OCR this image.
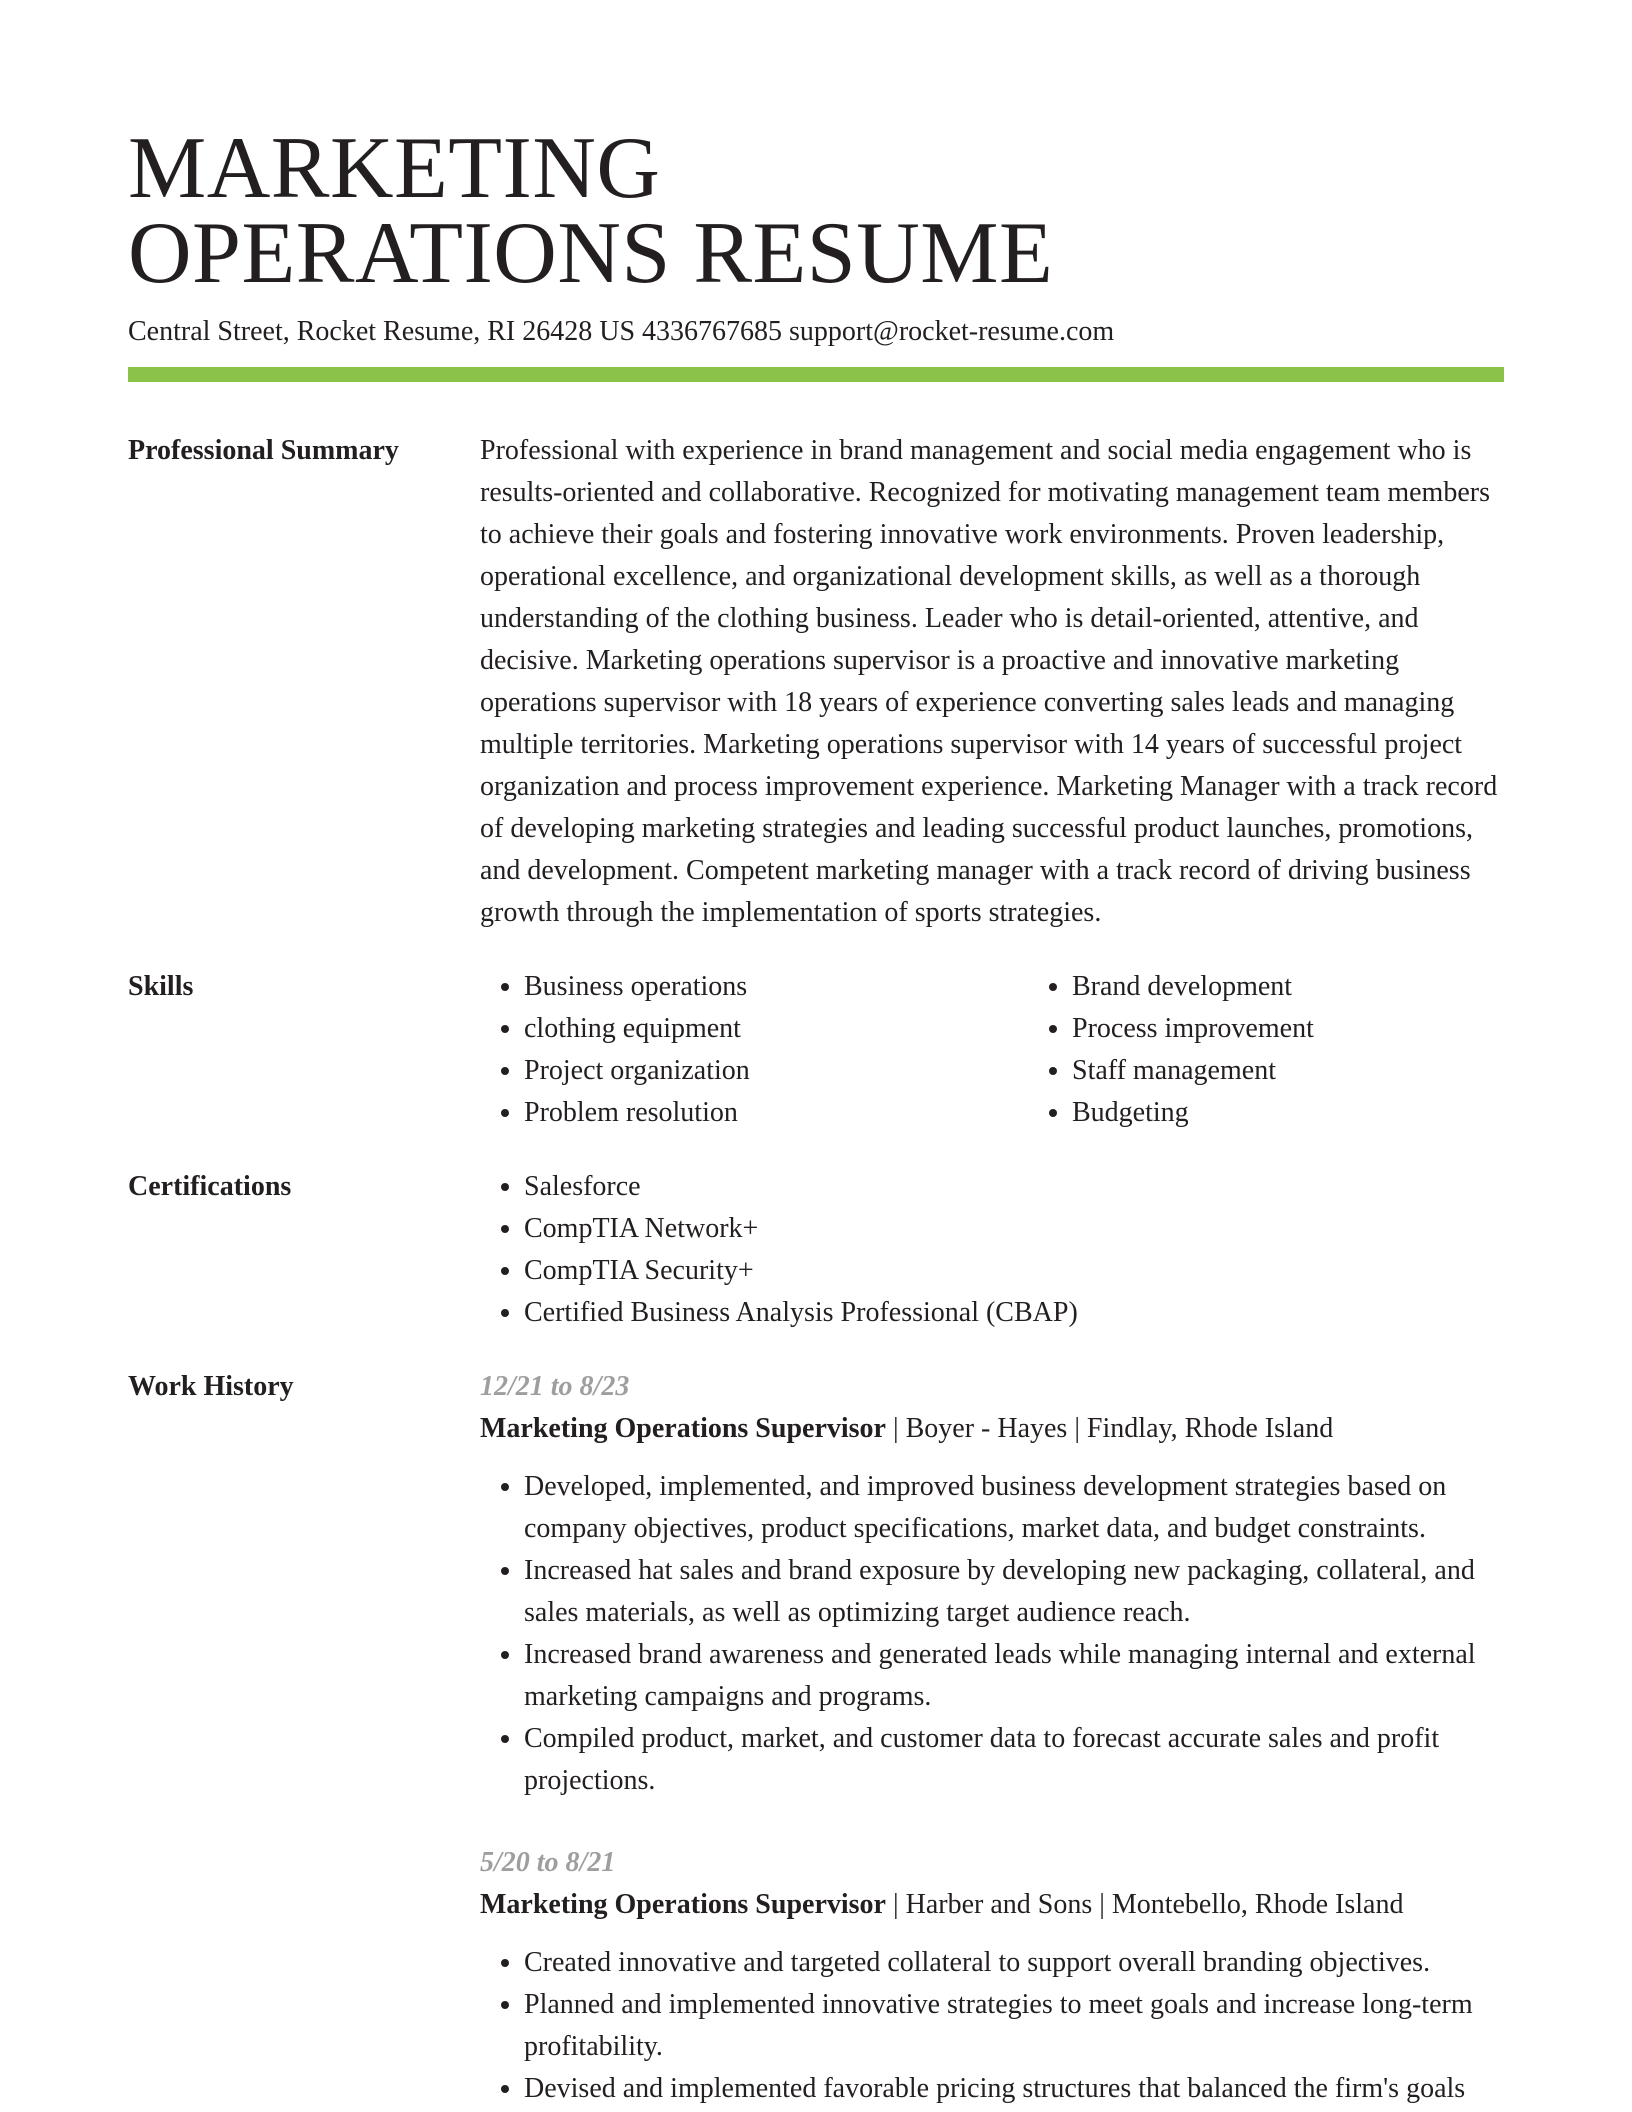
MARKETING
OPERATIONS RESUME
Central Street, Rocket Resume, RI 26428 US 4336767685 support@rocket-resume.com
Professional Summary	Professional with experience in brand management and social media engagement who is results-oriented and collaborative. Recognized for motivating management team members to achieve their goals and fostering innovative work environments. Proven leadership, operational excellence, and organizational development skills, as well as a thorough understanding of the clothing business. Leader who is detail-oriented, attentive, and decisive. Marketing operations supervisor is a proactive and innovative marketing operations supervisor with 18 years of experience converting sales leads and managing multiple territories. Marketing operations supervisor with 14 years of successful project organization and process improvement experience. Marketing Manager with a track record of developing marketing strategies and leading successful product launches, promotions, and development. Competent marketing manager with a track record of driving business growth through the implementation of sports strategies.
Skills	• Business operations
• clothing equipment
• Project organization
• Problem resolution
• Brand development
• Process improvement
• Staff management
• Budgeting
Certifications	• Salesforce
• CompTIA Network+
• CompTIA Security+
• Certified Business Analysis Professional (CBAP)
Work History	12/21 to 8/23
Marketing Operations Supervisor | Boyer - Hayes | Findlay, Rhode Island
• Developed, implemented, and improved business development strategies based on company objectives, product specifications, market data, and budget constraints.
• Increased hat sales and brand exposure by developing new packaging, collateral, and sales materials, as well as optimizing target audience reach.
• Increased brand awareness and generated leads while managing internal and external marketing campaigns and programs.
• Compiled product, market, and customer data to forecast accurate sales and profit projections.
5/20 to 8/21
Marketing Operations Supervisor | Harber and Sons | Montebello, Rhode Island
• Created innovative and targeted collateral to support overall branding objectives.
• Planned and implemented innovative strategies to meet goals and increase long-term profitability.
• Devised and implemented favorable pricing structures that balanced the firm's goals
